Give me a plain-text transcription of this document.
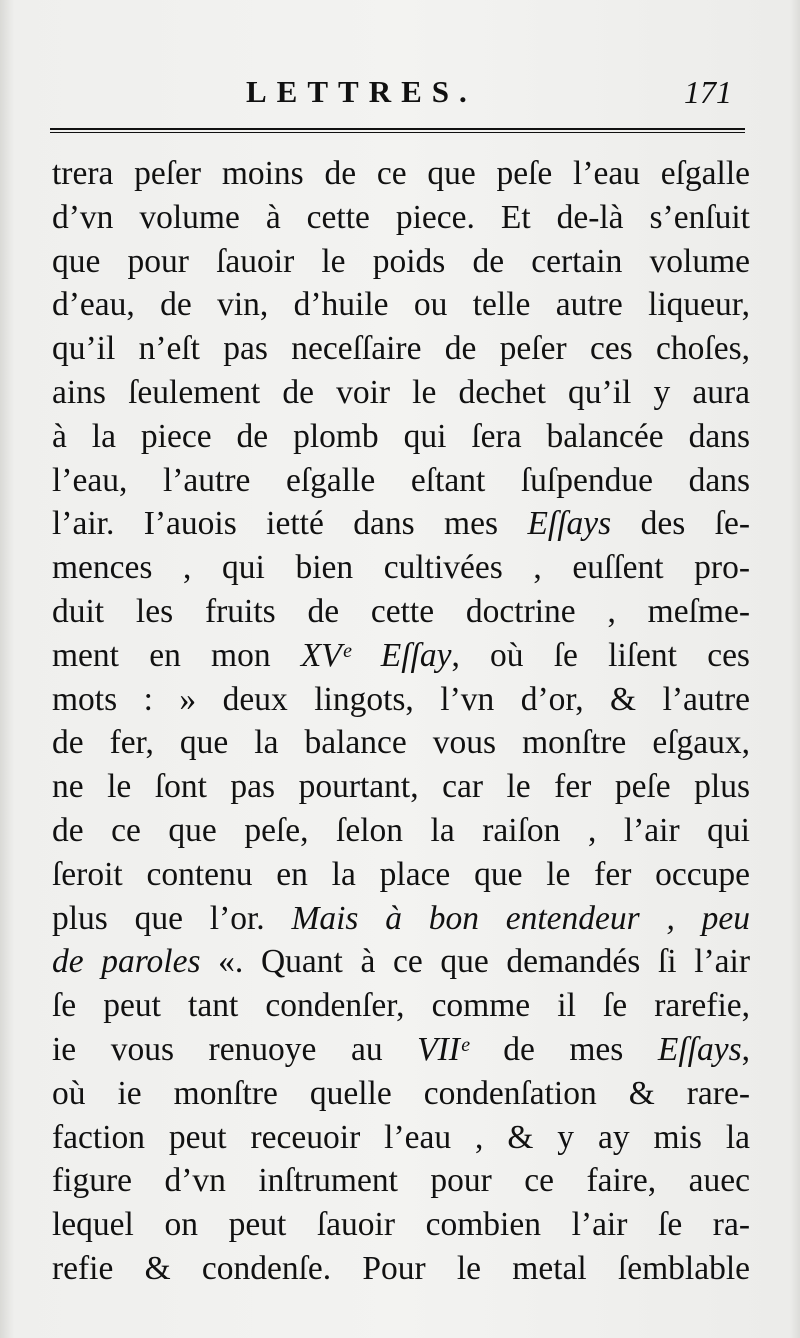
LETTRES.	171
trera peſer moins de ce que peſe l’eau eſgalle
d’vn volume à cette piece. Et de-là s’enſuit
que pour ſauoir le poids de certain volume
d’eau, de vin, d’huile ou telle autre liqueur,
qu’il n’eſt pas neceſſaire de peſer ces choſes,
ains ſeulement de voir le dechet qu’il y aura
à la piece de plomb qui ſera balancée dans
l’eau, l’autre eſgalle eſtant ſuſpendue dans
l’air. I’auois ietté dans mes Eſſays des ſe-
mences , qui bien cultivées , euſſent pro-
duit les fruits de cette doctrine , meſme-
ment en mon XVᵉ Eſſay, où ſe liſent ces
mots : » deux lingots, l’vn d’or, & l’autre
de fer, que la balance vous monſtre eſgaux,
ne le ſont pas pourtant, car le fer peſe plus
de ce que peſe, ſelon la raiſon , l’air qui
ſeroit contenu en la place que le fer occupe
plus que l’or. Mais à bon entendeur , peu
de paroles «. Quant à ce que demandés ſi l’air
ſe peut tant condenſer, comme il ſe rarefie,
ie vous renuoye au VIIᵉ de mes Eſſays,
où ie monſtre quelle condenſation & rare-
faction peut receuoir l’eau , & y ay mis la
figure d’vn inſtrument pour ce faire, auec
lequel on peut ſauoir combien l’air ſe ra-
refie & condenſe. Pour le metal ſemblable
